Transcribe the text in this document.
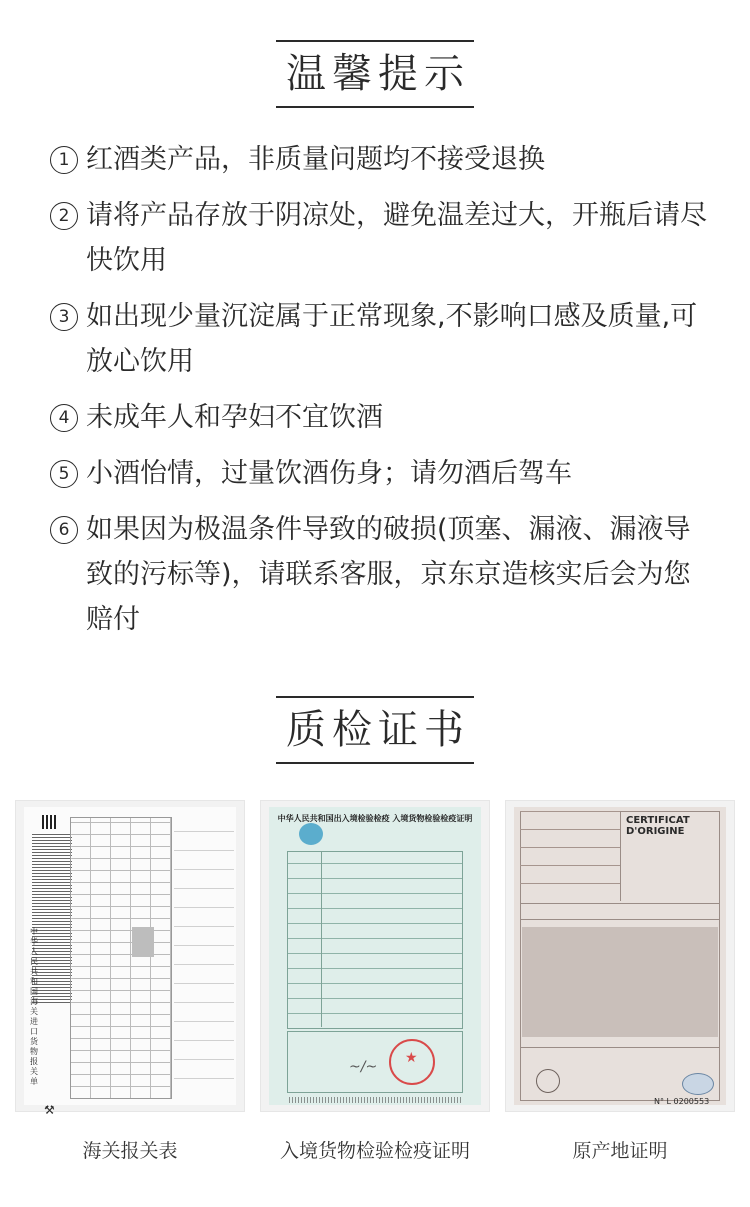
温馨提示
1 红酒类产品，非质量问题均不接受退换
2 请将产品存放于阴凉处，避免温差过大，开瓶后请尽快饮用
3 如出现少量沉淀属于正常现象,不影响口感及质量,可放心饮用
4 未成年人和孕妇不宜饮酒
5 小酒怡情，过量饮酒伤身；请勿酒后驾车
6 如果因为极温条件导致的破损(顶塞、漏液、漏液导致的污标等)，请联系客服，京东京造核实后会为您赔付
质检证书
中华人民共和国海关进口货物报关单
⚒
中华人民共和国出入境检验检疫 入境货物检验检疫证明
~/~
★
CERTIFICAT D'ORIGINE
N° L 0200553
海关报关表	入境货物检验检疫证明	原产地证明
